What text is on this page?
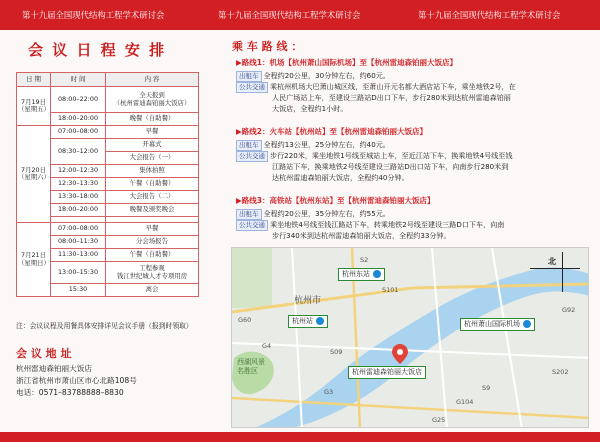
第十九届全国现代结构工程学术研讨会	第十九届全国现代结构工程学术研讨会	第十九届全国现代结构工程学术研讨会
会 议 日 程 安 排
日 期	时 间	内 容
7月19日
（星期五）	08:00–22:00	全天报到
（杭州雷迪森铂丽大饭店）
	18:00–20:00	晚餐（自助餐）
7月20日
（星期六）	07:00–08:00	早餐
	08:30–12:00	开幕式
		大会报告（一）
	12:00–12:30	集体拍照
	12:30–13:30	午餐（自助餐）
	13:30–18:00	大会报告（二）
	18:00–20:00	晚餐及颁奖晚会

7月21日
（星期日）	07:00–08:00	早餐
	08:00–11:30	分会场报告
	11:30–13:00	午餐（自助餐）
	13:00–15:30	工程参观
钱江世纪城人才专项用房
	15:30	离会
注：会议议程及用餐具体安排详见会议手册（报到时领取）
会 议 地 址
杭州雷迪森铂丽大饭店
浙江省杭州市萧山区市心北路108号
电话：0571–83788888–8830
乘 车 路 线 ：
▶路线1：机场【杭州萧山国际机场】至【杭州雷迪森铂丽大饭店】
出租车 全程约20公里，30分钟左右，约60元。
公共交通 乘杭州机场大巴萧山城区线，至萧山开元名都大酒店站下车，乘坐地铁2号，在
人民广场站上车，至建设三路站D出口下车，步行280米到达杭州雷迪森铂丽
大饭店，全程约1小时。
▶路线2：火车站【杭州站】至【杭州雷迪森铂丽大饭店】
出租车 全程约13公里，25分钟左右，约40元。
公共交通 步行220米，乘坐地铁1号线至城站上车，至近江站下车，换乘地铁4号线至钱
江路站下车，换乘地铁2号线至建设三路站D出口站下车，向南步行280米到
达杭州雷迪森铂丽大饭店，全程约40分钟。
▶路线3：高铁站【杭州东站】至【杭州雷迪森铂丽大饭店】
出租车 全程约20公里，35分钟左右，约55元。
公共交通 乘坐地铁4号线至钱江路站下车，转乘地铁2号线至建设三路D口下车，向南
步行340米到达杭州雷迪森铂丽大饭店，全程约33分钟。
杭州东站
杭州萧山国际机场
杭州站
杭州雷迪森铂丽大饭店
杭州市
西湖风景
名胜区
北
G60
S2
S101
G4
G92
S9
G104
G3
G25
S09
S202
